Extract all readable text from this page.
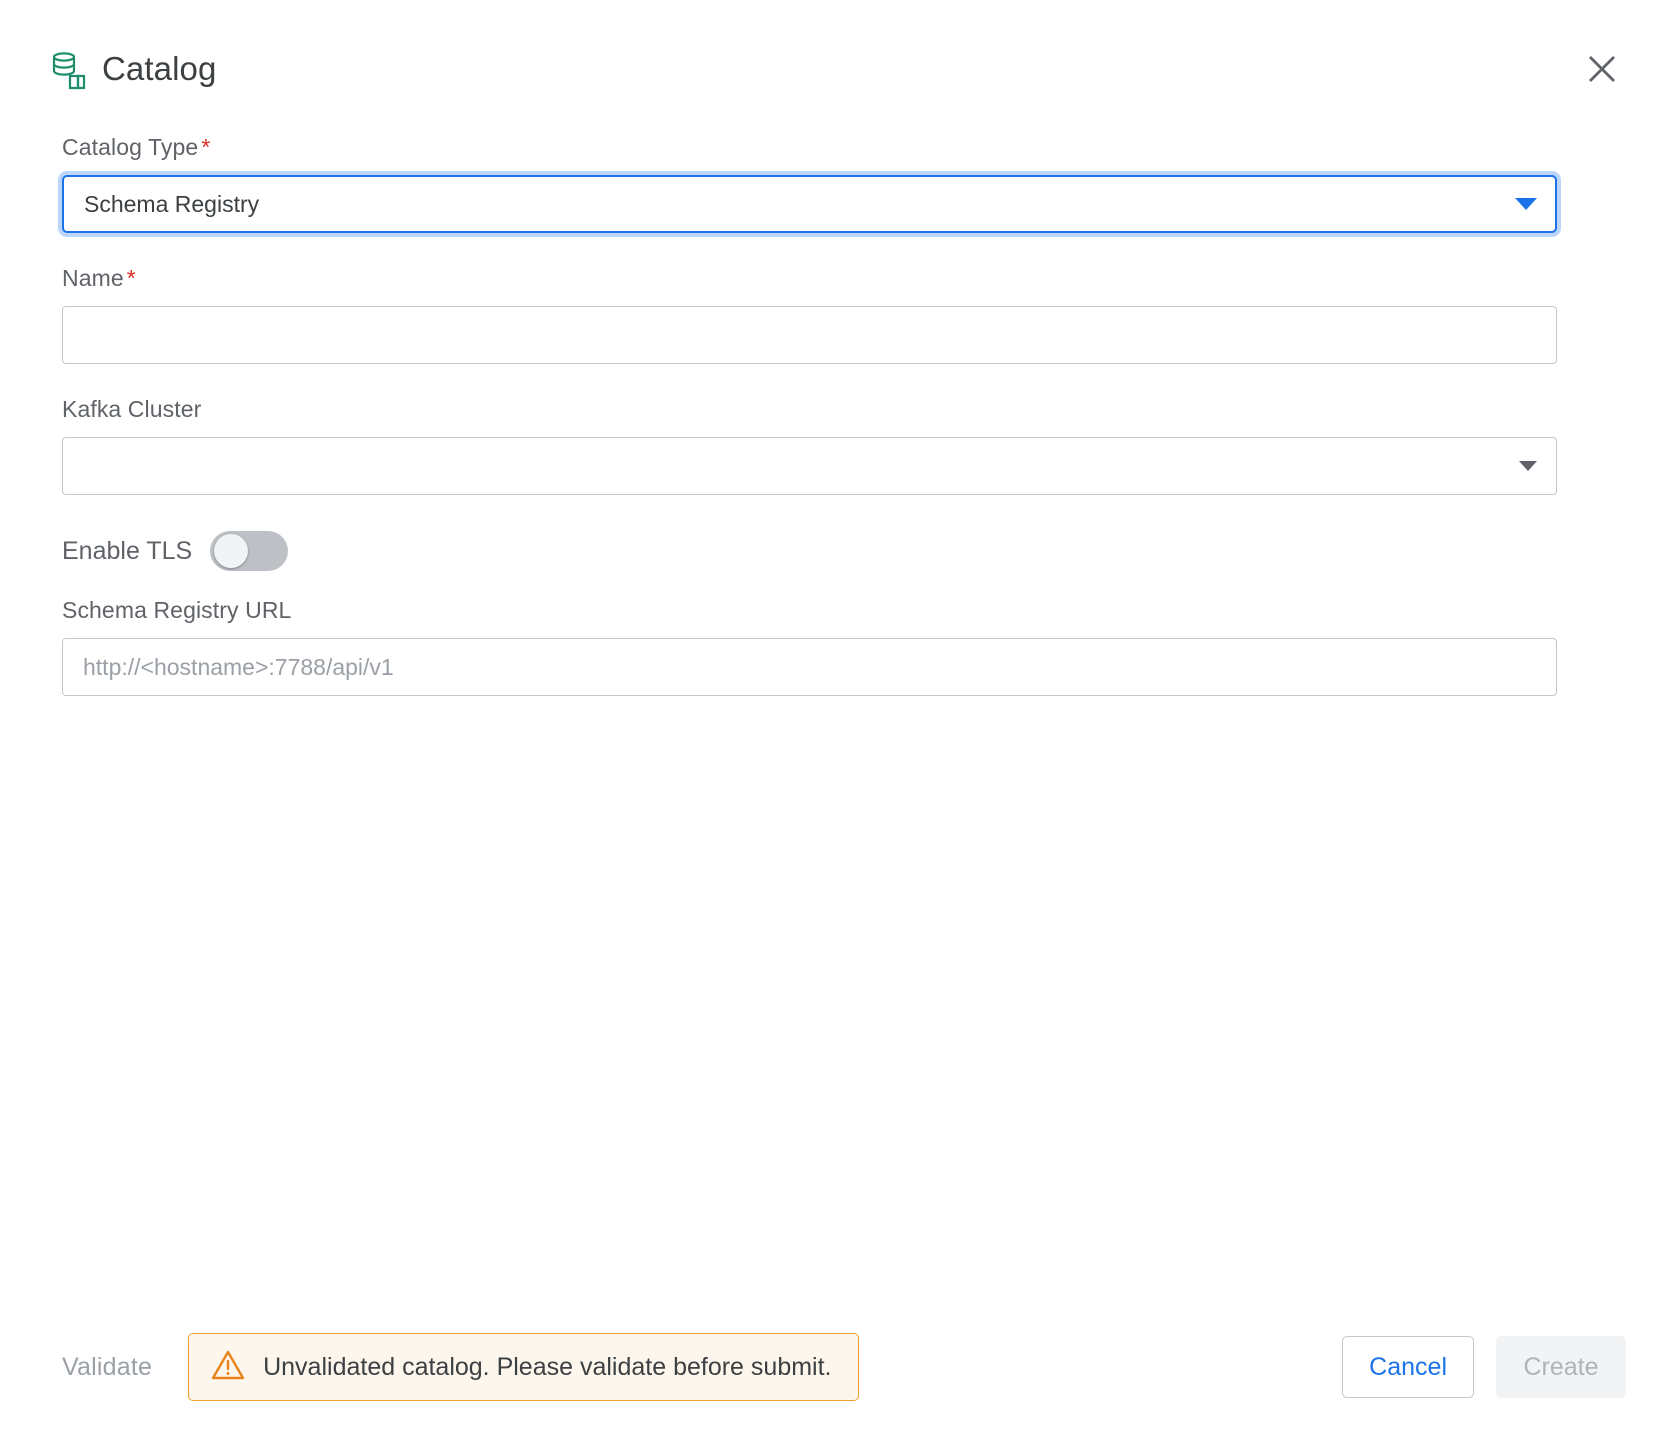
Catalog
Catalog Type *
Schema Registry
Name *
Kafka Cluster
Enable TLS
Schema Registry URL
http://<hostname>:7788/api/v1
Validate	Unvalidated catalog. Please validate before submit.	Cancel	Create
